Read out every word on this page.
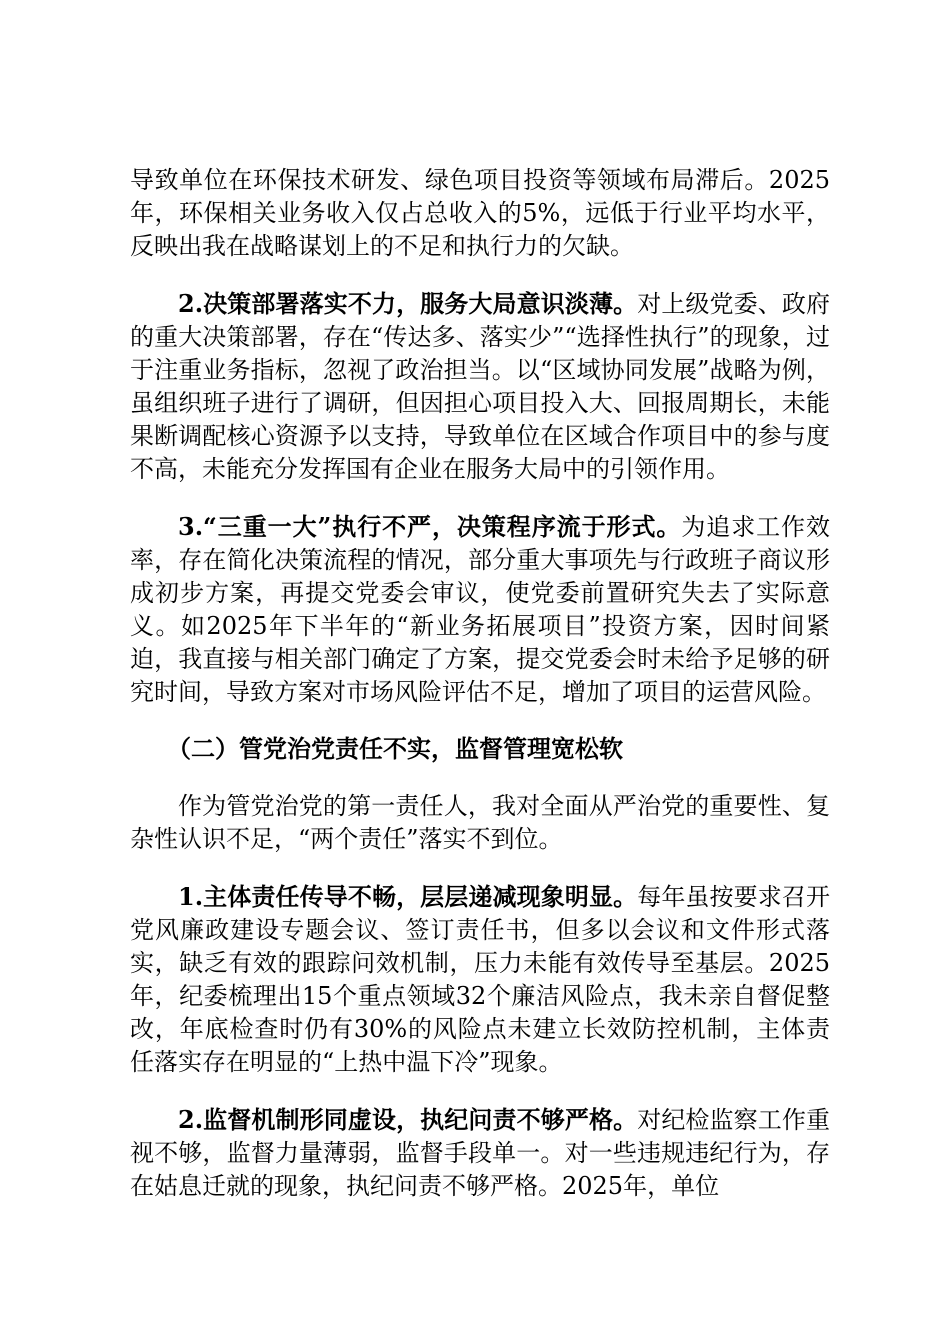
导致单位在环保技术研发、绿色项目投资等领域布局滞后。2025年，环保相关业务收入仅占总收入的5%，远低于行业平均水平，反映出我在战略谋划上的不足和执行力的欠缺。

2.决策部署落实不力，服务大局意识淡薄。对上级党委、政府的重大决策部署，存在“传达多、落实少”“选择性执行”的现象，过于注重业务指标，忽视了政治担当。以“区域协同发展”战略为例，虽组织班子进行了调研，但因担心项目投入大、回报周期长，未能果断调配核心资源予以支持，导致单位在区域合作项目中的参与度不高，未能充分发挥国有企业在服务大局中的引领作用。

3.“三重一大”执行不严，决策程序流于形式。为追求工作效率，存在简化决策流程的情况，部分重大事项先与行政班子商议形成初步方案，再提交党委会审议，使党委前置研究失去了实际意义。如2025年下半年的“新业务拓展项目”投资方案，因时间紧迫，我直接与相关部门确定了方案，提交党委会时未给予足够的研究时间，导致方案对市场风险评估不足，增加了项目的运营风险。

（二）管党治党责任不实，监督管理宽松软

作为管党治党的第一责任人，我对全面从严治党的重要性、复杂性认识不足，“两个责任”落实不到位。

1.主体责任传导不畅，层层递减现象明显。每年虽按要求召开党风廉政建设专题会议、签订责任书，但多以会议和文件形式落实，缺乏有效的跟踪问效机制，压力未能有效传导至基层。2025年，纪委梳理出15个重点领域32个廉洁风险点，我未亲自督促整改，年底检查时仍有30%的风险点未建立长效防控机制，主体责任落实存在明显的“上热中温下冷”现象。

2.监督机制形同虚设，执纪问责不够严格。对纪检监察工作重视不够，监督力量薄弱，监督手段单一。对一些违规违纪行为，存在姑息迁就的现象，执纪问责不够严格。2025年，单位
